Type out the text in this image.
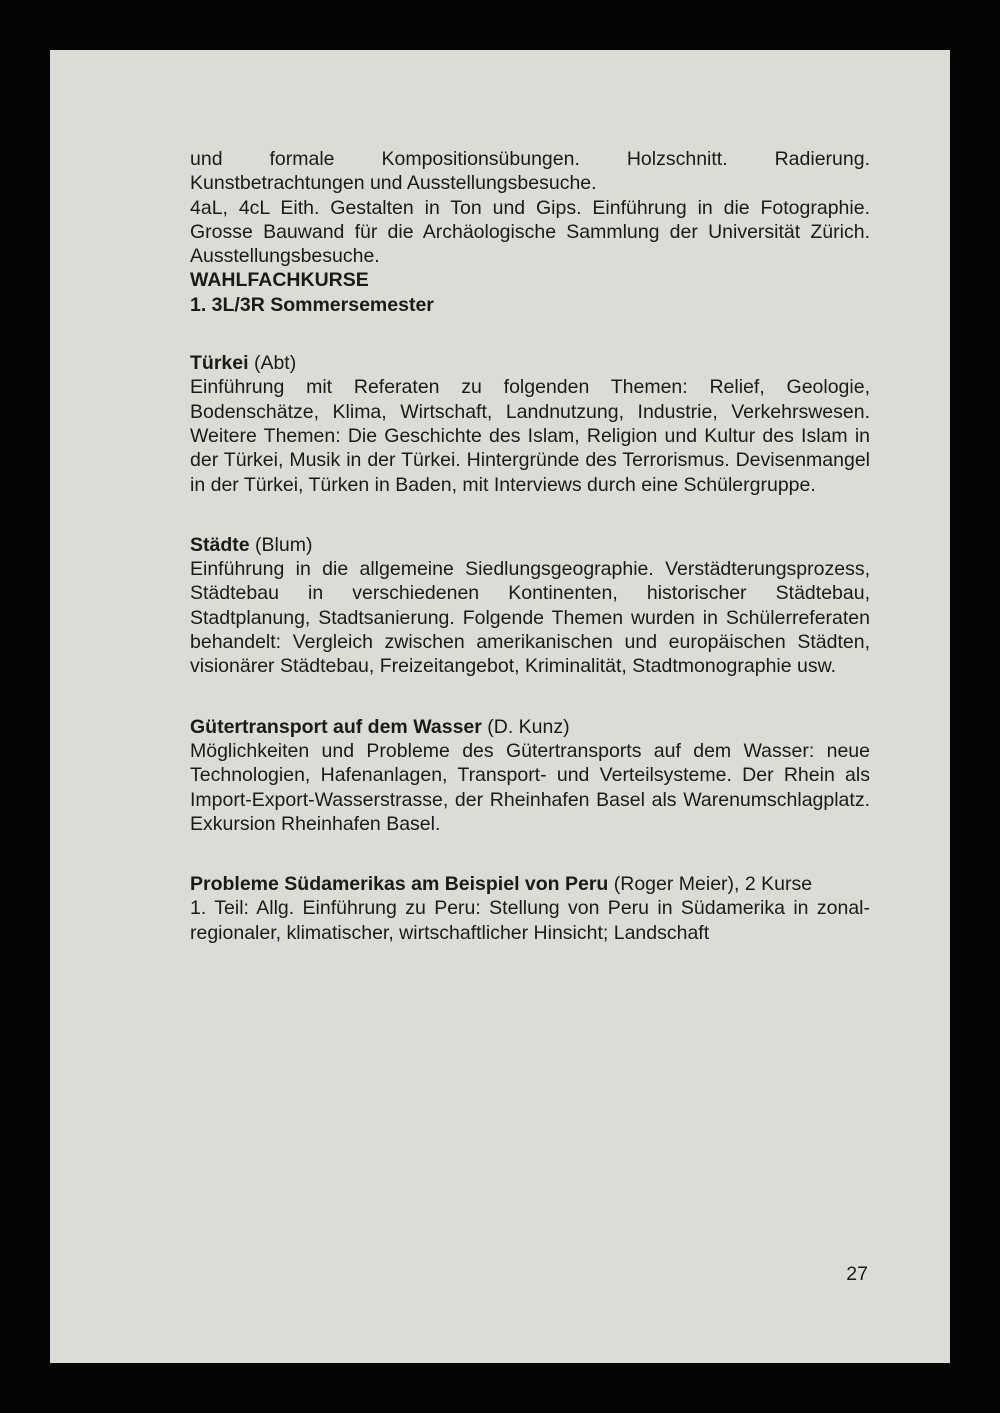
und formale Kompositionsübungen. Holzschnitt. Radierung. Kunstbetrachtungen und Ausstellungsbesuche.

4aL, 4cL Eith. Gestalten in Ton und Gips. Einführung in die Fotographie. Grosse Bauwand für die Archäologische Sammlung der Universität Zürich. Ausstellungsbesuche.

WAHLFACHKURSE

1. 3L/3R Sommersemester

Türkei (Abt)

Einführung mit Referaten zu folgenden Themen: Relief, Geologie, Bodenschätze, Klima, Wirtschaft, Landnutzung, Industrie, Verkehrswesen. Weitere Themen: Die Geschichte des Islam, Religion und Kultur des Islam in der Türkei, Musik in der Türkei. Hintergründe des Terrorismus. Devisenmangel in der Türkei, Türken in Baden, mit Interviews durch eine Schülergruppe.

Städte (Blum)

Einführung in die allgemeine Siedlungsgeographie. Verstädterungsprozess, Städtebau in verschiedenen Kontinenten, historischer Städtebau, Stadtplanung, Stadtsanierung. Folgende Themen wurden in Schülerreferaten behandelt: Vergleich zwischen amerikanischen und europäischen Städten, visionärer Städtebau, Freizeitangebot, Kriminalität, Stadtmonographie usw.

Gütertransport auf dem Wasser (D. Kunz)

Möglichkeiten und Probleme des Gütertransports auf dem Wasser: neue Technologien, Hafenanlagen, Transport- und Verteilsysteme. Der Rhein als Import-Export-Wasserstrasse, der Rheinhafen Basel als Warenumschlagplatz. Exkursion Rheinhafen Basel.

Probleme Südamerikas am Beispiel von Peru (Roger Meier), 2 Kurse

1. Teil: Allg. Einführung zu Peru: Stellung von Peru in Südamerika in zonal-regionaler, klimatischer, wirtschaftlicher Hinsicht; Landschaft

27
